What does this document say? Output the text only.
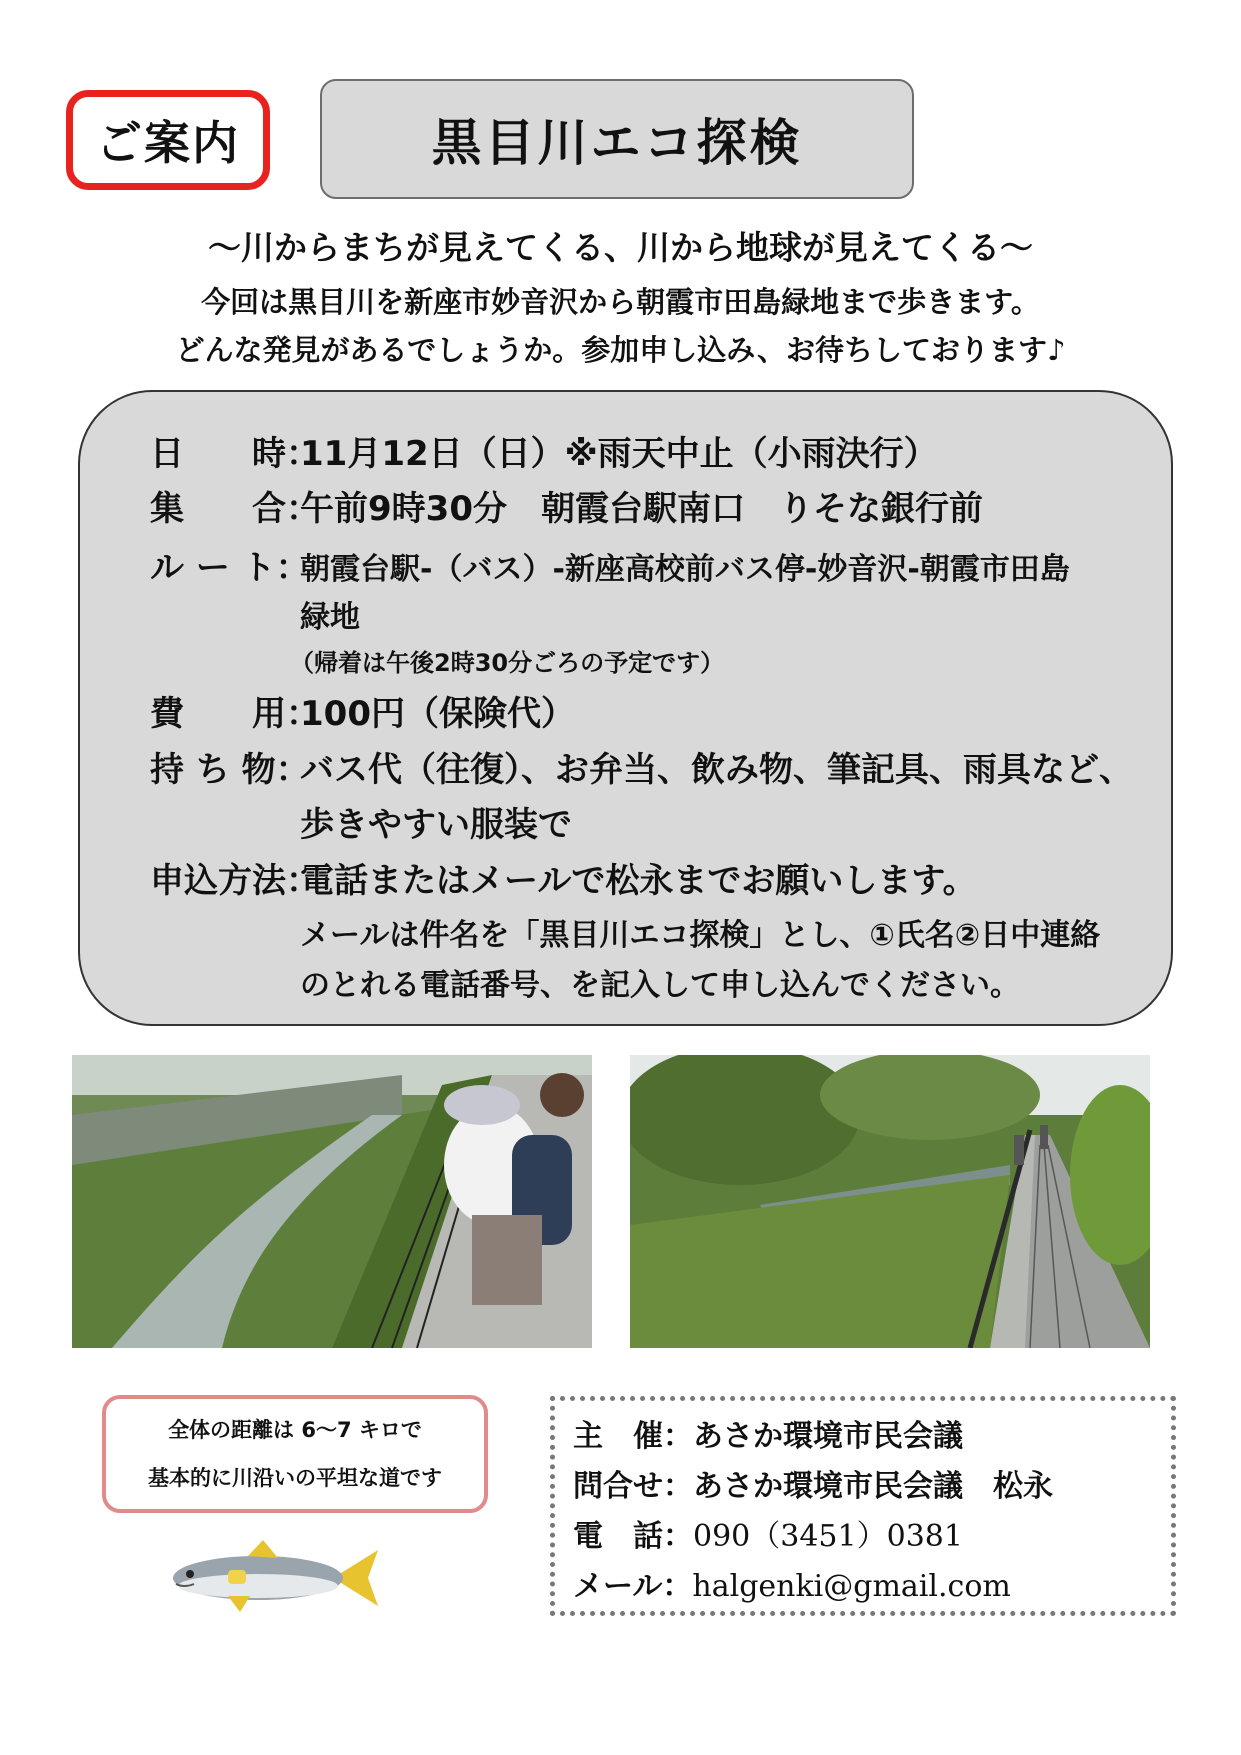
ご案内	黒目川エコ探検
〜川からまちが見えてくる、川から地球が見えてくる〜
今回は黒目川を新座市妙音沢から朝霞市田島緑地まで歩きます。
どんな発見があるでしょうか。参加申し込み、お待ちしております♪
日　　時：11月12日（日）※雨天中止（小雨決行）
集　　合：午前9時30分　朝霞台駅南口　りそな銀行前
ル ー ト：朝霞台駅-（バス）-新座高校前バス停-妙音沢-朝霞市田島
緑地
（帰着は午後2時30分ごろの予定です）
費　　用：100円（保険代）
持 ち 物：バス代（往復）、お弁当、飲み物、筆記具、雨具など、
歩きやすい服装で
申込方法：電話またはメールで松永までお願いします。
メールは件名を「黒目川エコ探検」とし、①氏名②日中連絡
のとれる電話番号、を記入して申し込んでください。
全体の距離は 6〜7 キロで
基本的に川沿いの平坦な道です
主　催：あさか環境市民会議
問合せ：あさか環境市民会議　松永
電　話：090（3451）0381
メール：halgenki@gmail.com
